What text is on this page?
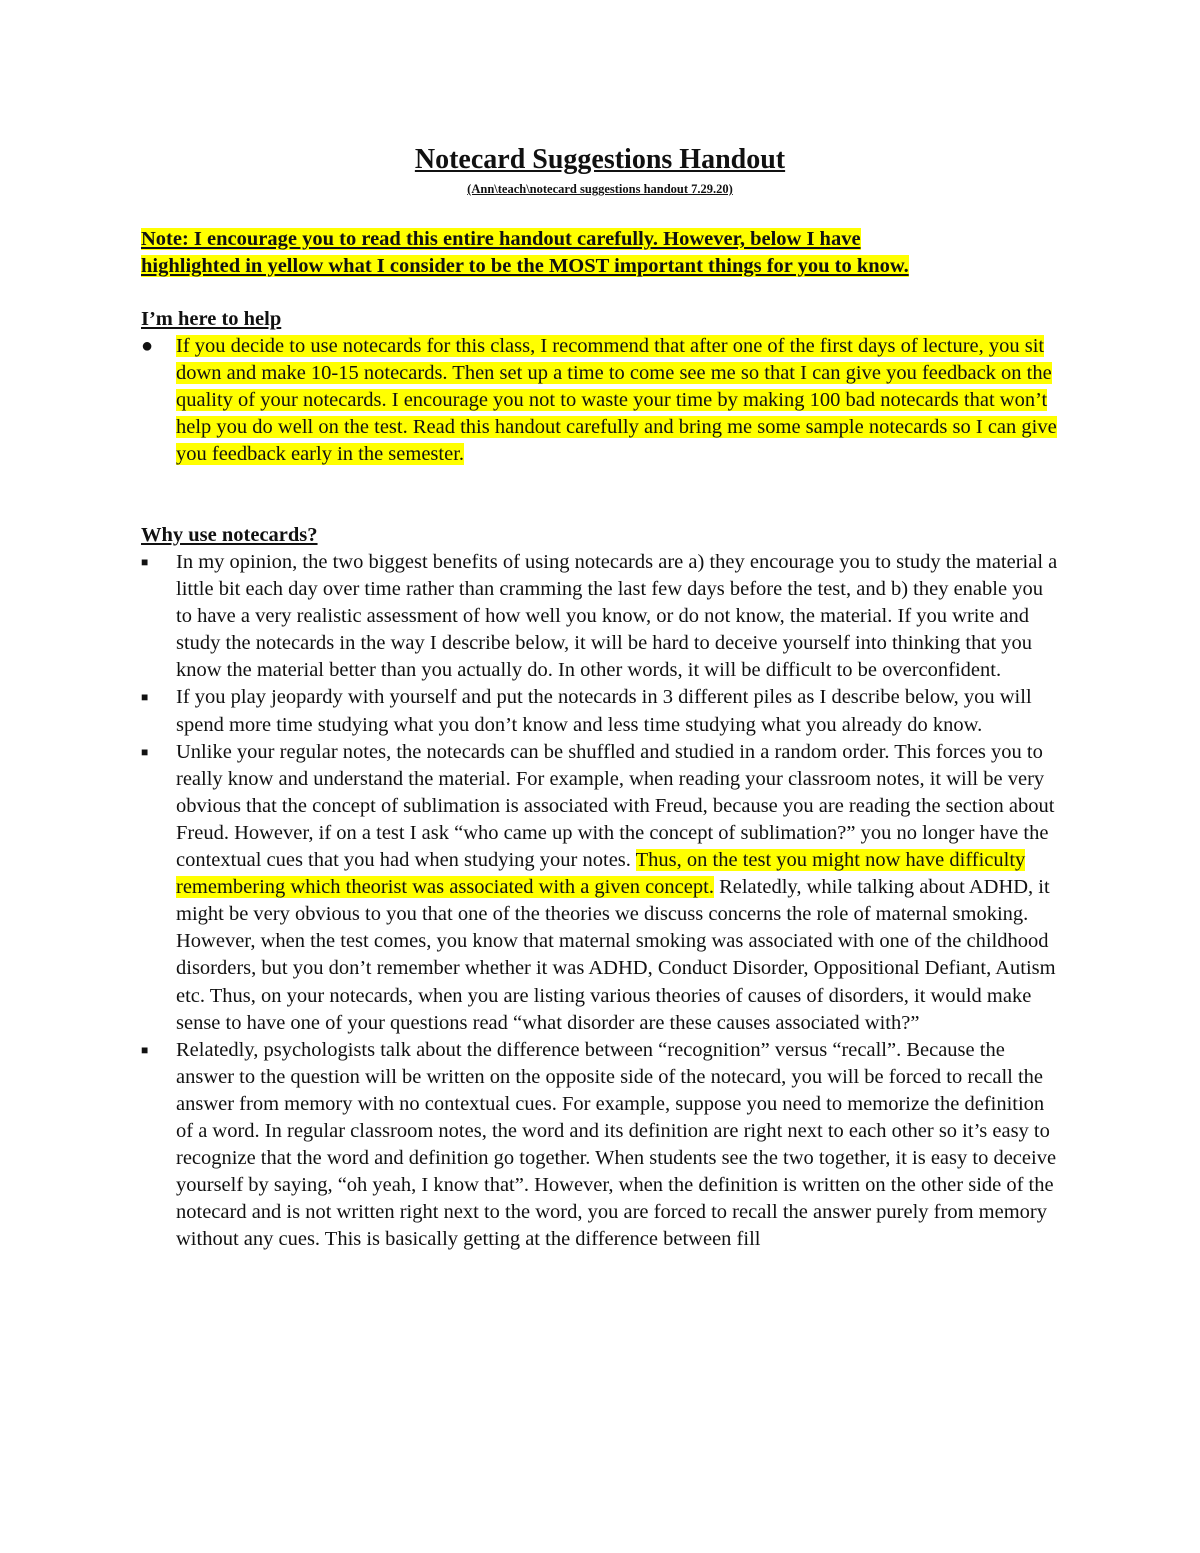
Notecard Suggestions Handout
(Ann\teach\notecard suggestions handout 7.29.20)
Note: I encourage you to read this entire handout carefully. However, below I have
highlighted in yellow what I consider to be the MOST important things for you to know.
I’m here to help
●	If you decide to use notecards for this class, I recommend that after one of the first days of lecture, you sit down and make 10-15 notecards. Then set up a time to come see me so that I can give you feedback on the quality of your notecards. I encourage you not to waste your time by making 100 bad notecards that won’t help you do well on the test. Read this handout carefully and bring me some sample notecards so I can give you feedback early in the semester.
Why use notecards?
■	In my opinion, the two biggest benefits of using notecards are a) they encourage you to study the material a little bit each day over time rather than cramming the last few days before the test, and b) they enable you to have a very realistic assessment of how well you know, or do not know, the material. If you write and study the notecards in the way I describe below, it will be hard to deceive yourself into thinking that you know the material better than you actually do. In other words, it will be difficult to be overconfident.
■	If you play jeopardy with yourself and put the notecards in 3 different piles as I describe below, you will spend more time studying what you don’t know and less time studying what you already do know.
■	Unlike your regular notes, the notecards can be shuffled and studied in a random order. This forces you to really know and understand the material. For example, when reading your classroom notes, it will be very obvious that the concept of sublimation is associated with Freud, because you are reading the section about Freud. However, if on a test I ask “who came up with the concept of sublimation?” you no longer have the contextual cues that you had when studying your notes. Thus, on the test you might now have difficulty remembering which theorist was associated with a given concept. Relatedly, while talking about ADHD, it might be very obvious to you that one of the theories we discuss concerns the role of maternal smoking. However, when the test comes, you know that maternal smoking was associated with one of the childhood disorders, but you don’t remember whether it was ADHD, Conduct Disorder, Oppositional Defiant, Autism etc. Thus, on your notecards, when you are listing various theories of causes of disorders, it would make sense to have one of your questions read “what disorder are these causes associated with?”
■	Relatedly, psychologists talk about the difference between “recognition” versus “recall”. Because the answer to the question will be written on the opposite side of the notecard, you will be forced to recall the answer from memory with no contextual cues. For example, suppose you need to memorize the definition of a word. In regular classroom notes, the word and its definition are right next to each other so it’s easy to recognize that the word and definition go together. When students see the two together, it is easy to deceive yourself by saying, “oh yeah, I know that”. However, when the definition is written on the other side of the notecard and is not written right next to the word, you are forced to recall the answer purely from memory without any cues. This is basically getting at the difference between fill
